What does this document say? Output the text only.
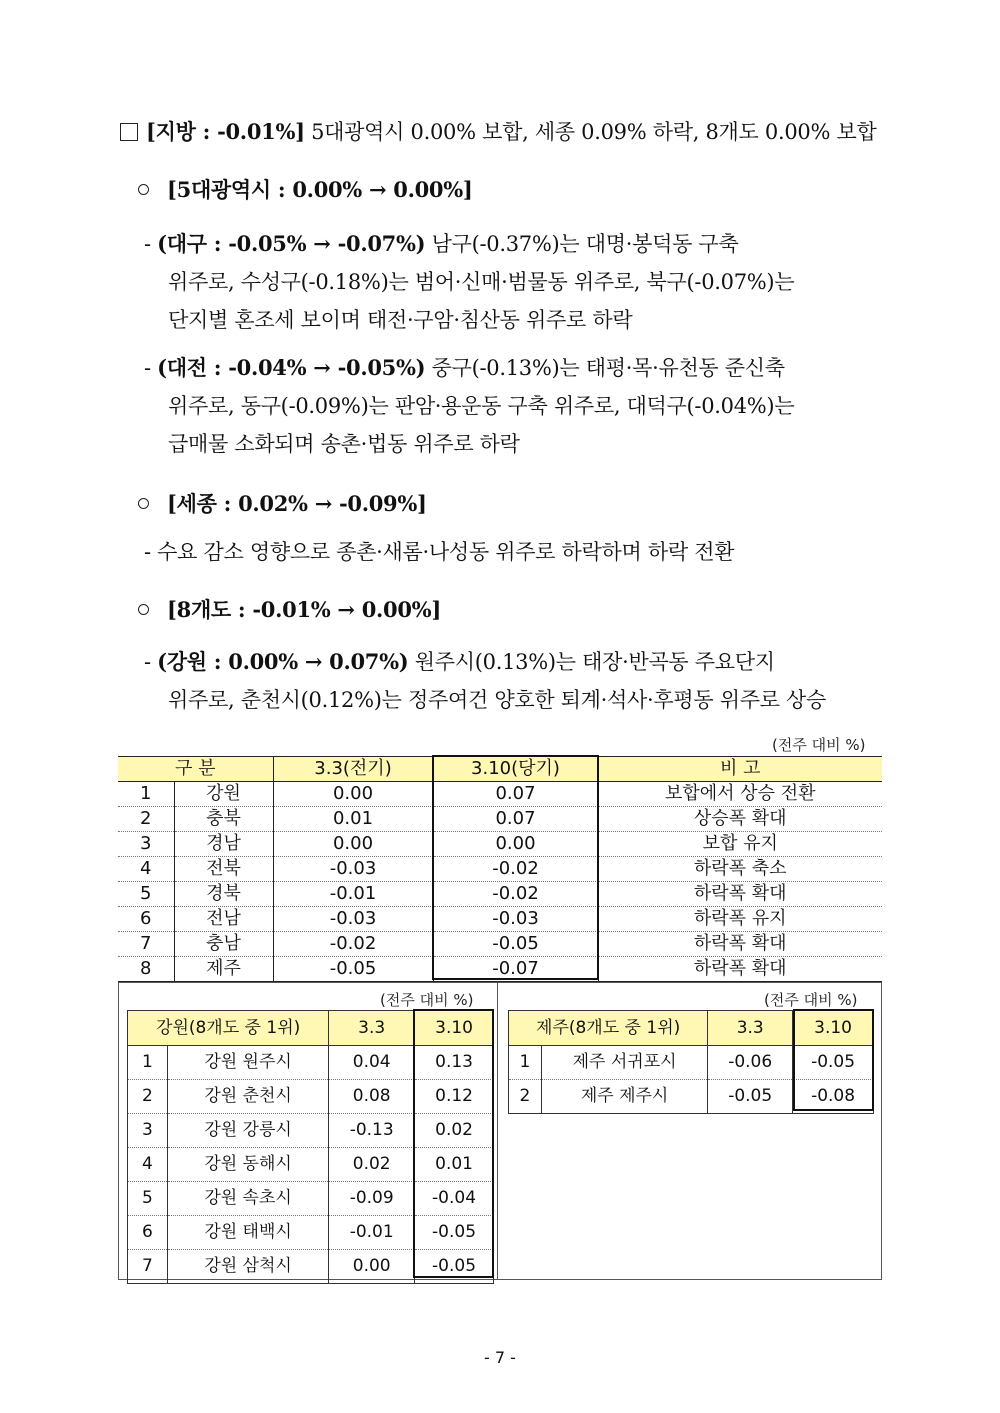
[지방 : -0.01%] 5대광역시 0.00% 보합, 세종 0.09% 하락, 8개도 0.00% 보합
[5대광역시 : 0.00% → 0.00%]
- (대구 : -0.05% → -0.07%) 남구(-0.37%)는 대명·봉덕동 구축
위주로, 수성구(-0.18%)는 범어·신매·범물동 위주로, 북구(-0.07%)는
단지별 혼조세 보이며 태전·구암·침산동 위주로 하락
- (대전 : -0.04% → -0.05%) 중구(-0.13%)는 태평·목·유천동 준신축
위주로, 동구(-0.09%)는 판암·용운동 구축 위주로, 대덕구(-0.04%)는
급매물 소화되며 송촌·법동 위주로 하락
[세종 : 0.02% → -0.09%]
- 수요 감소 영향으로 종촌·새롬·나성동 위주로 하락하며 하락 전환
[8개도 : -0.01% → 0.00%]
- (강원 : 0.00% → 0.07%) 원주시(0.13%)는 태장·반곡동 주요단지
위주로, 춘천시(0.12%)는 정주여건 양호한 퇴계·석사·후평동 위주로 상승
(전주 대비 %)
구 분		3.3(전기)	3.10(당기)	비 고
1	강원	0.00	0.07	보합에서 상승 전환
2	충북	0.01	0.07	상승폭 확대
3	경남	0.00	0.00	보합 유지
4	전북	-0.03	-0.02	하락폭 축소
5	경북	-0.01	-0.02	하락폭 확대
6	전남	-0.03	-0.03	하락폭 유지
7	충남	-0.02	-0.05	하락폭 확대
8	제주	-0.05	-0.07	하락폭 확대
(전주 대비 %)	(전주 대비 %)
강원(8개도 중 1위)		3.3	3.10
1	강원 원주시	0.04	0.13
2	강원 춘천시	0.08	0.12
3	강원 강릉시	-0.13	0.02
4	강원 동해시	0.02	0.01
5	강원 속초시	-0.09	-0.04
6	강원 태백시	-0.01	-0.05
7	강원 삼척시	0.00	-0.05
제주(8개도 중 1위)		3.3	3.10
1	제주 서귀포시	-0.06	-0.05
2	제주 제주시	-0.05	-0.08
- 7 -
